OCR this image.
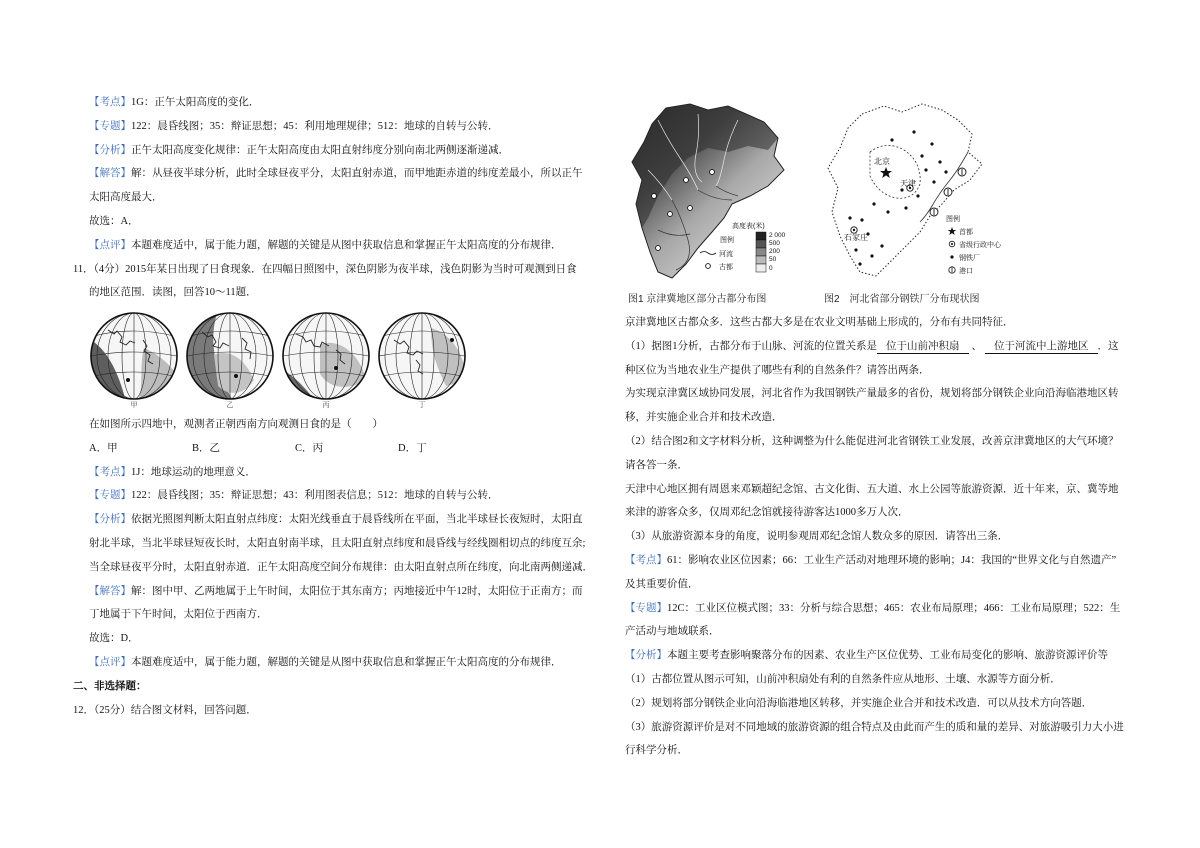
【考点】1G：正午太阳高度的变化．
【专题】122：晨昏线图；35：辩证思想；45：利用地理规律；512：地球的自转与公转．
【分析】正午太阳高度变化规律：正午太阳高度由太阳直射纬度分别向南北两侧逐渐递减．
【解答】解：从昼夜半球分析，此时全球昼夜平分，太阳直射赤道，而甲地距赤道的纬度差最小，所以正午
太阳高度最大．
故选：A．
【点评】本题难度适中，属于能力题，解题的关键是从图中获取信息和掌握正午太阳高度的分布规律．
11．（4分）2015年某日出现了日食现象．在四幅日照图中，深色阴影为夜半球，浅色阴影为当时可观测到日食
的地区范围．读图，回答10～11题．
甲	乙	丙	丁
在如图所示四地中，观测者正朝西南方向观测日食的是（　　）
A．甲	B．乙	C．丙	D．丁
【考点】1J：地球运动的地理意义．
【专题】122：晨昏线图；35：辩证思想；43：利用图表信息；512：地球的自转与公转．
【分析】依据光照图判断太阳直射点纬度：太阳光线垂直于晨昏线所在平面，当北半球昼长夜短时，太阳直
射北半球，当北半球昼短夜长时，太阳直射南半球，且太阳直射点纬度和晨昏线与经线圈相切点的纬度互余;
当全球昼夜平分时，太阳直射赤道．正午太阳高度空间分布规律：由太阳直射点所在纬度，向北南两侧递减．
【解答】解：图中甲、乙两地属于上午时间，太阳位于其东南方；丙地接近中午12时，太阳位于正南方；而
丁地属于下午时间，太阳位于西南方．
故选：D．
【点评】本题难度适中，属于能力题，解题的关键是从图中获取信息和掌握正午太阳高度的分布规律．
二、非选择题：
12．（25分）结合图文材料，回答问题．
高度表(米)
2 000
500
200
50
0
图例
河流
古都
图1 京津冀地区部分古都分布图
北京
天津
石家庄
图例
首都
省级行政中心
钢铁厂
港口
图2　河北省部分钢铁厂分布现状图
京津冀地区古都众多．这些古都大多是在农业文明基础上形成的，分布有共同特征．
（1）据图1分析，古都分布于山脉、河流的位置关系是 位于山前冲积扇 、 位于河流中上游地区 ．这
种区位为当地农业生产提供了哪些有利的自然条件？请答出两条．
为实现京津冀区域协同发展，河北省作为我国钢铁产量最多的省份，规划将部分钢铁企业向沿海临港地区转
移，并实施企业合并和技术改造．
（2）结合图2和文字材料分析，这种调整为什么能促进河北省钢铁工业发展，改善京津冀地区的大气环境？
请各答一条．
天津中心地区拥有周恩来邓颖超纪念馆、古文化街、五大道、水上公园等旅游资源．近十年来，京、冀等地
来津的游客众多，仅周邓纪念馆就接待游客达1000多万人次．
（3）从旅游资源本身的角度，说明参观周邓纪念馆人数众多的原因．请答出三条．
【考点】61：影响农业区位因素；66：工业生产活动对地理环境的影响；J4：我国的“世界文化与自然遗产”
及其重要价值．
【专题】12C：工业区位模式图；33：分析与综合思想；465：农业布局原理；466：工业布局原理；522：生
产活动与地域联系．
【分析】本题主要考查影响聚落分布的因素、农业生产区位优势、工业布局变化的影响、旅游资源评价等
（1）古都位置从图示可知，山前冲积扇处有利的自然条件应从地形、土壤、水源等方面分析．
（2）规划将部分钢铁企业向沿海临港地区转移，并实施企业合并和技术改造．可以从技术方向答题．
（3）旅游资源评价是对不同地域的旅游资源的组合特点及由此而产生的质和量的差异、对旅游吸引力大小进
行科学分析．
